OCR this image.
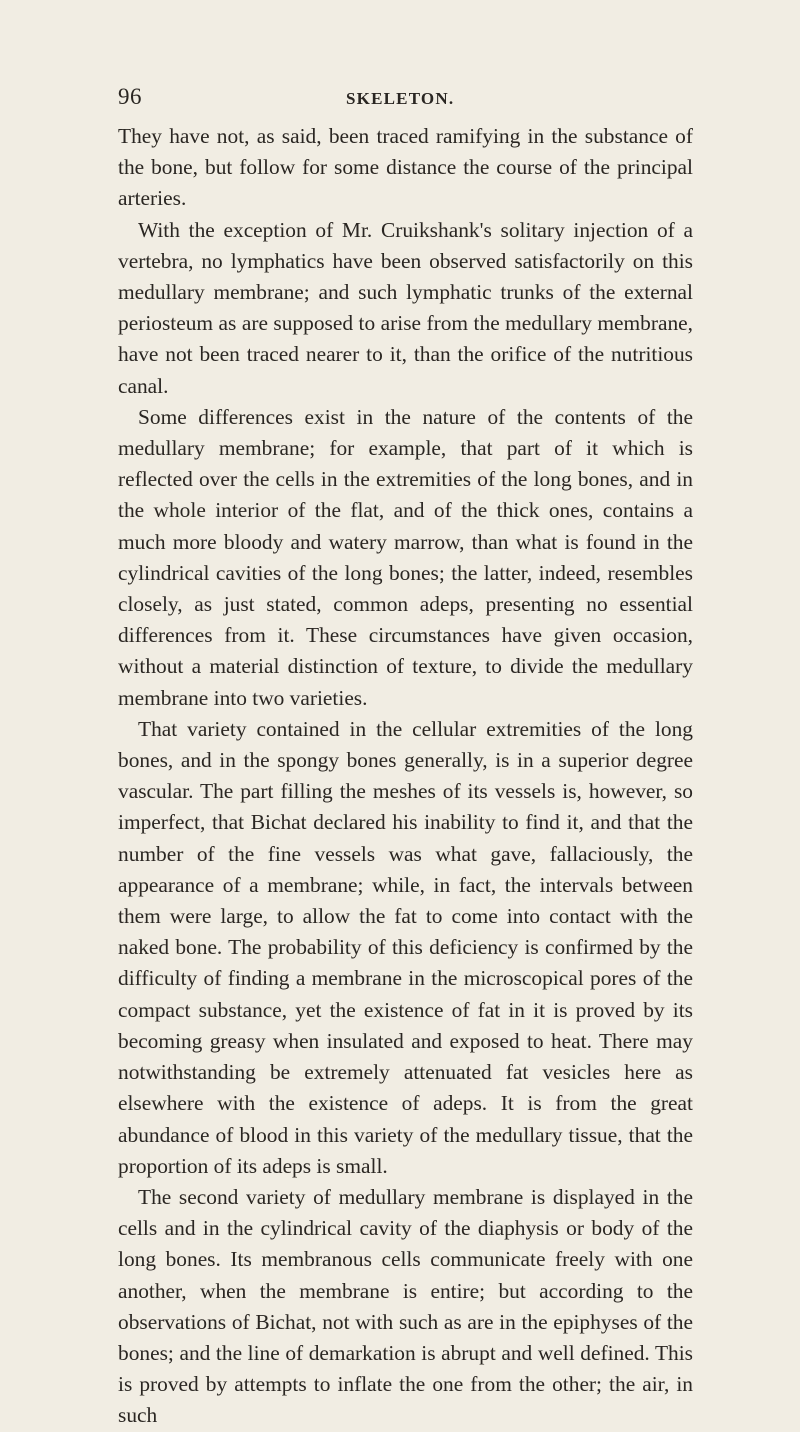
96	SKELETON.

They have not, as said, been traced ramifying in the substance of the bone, but follow for some distance the course of the principal arteries.

With the exception of Mr. Cruikshank's solitary injection of a vertebra, no lymphatics have been observed satisfactorily on this medullary membrane; and such lymphatic trunks of the external periosteum as are supposed to arise from the medullary membrane, have not been traced nearer to it, than the orifice of the nutritious canal.

Some differences exist in the nature of the contents of the medullary membrane; for example, that part of it which is reflected over the cells in the extremities of the long bones, and in the whole interior of the flat, and of the thick ones, contains a much more bloody and watery marrow, than what is found in the cylindrical cavities of the long bones; the latter, indeed, resembles closely, as just stated, common adeps, presenting no essential differences from it. These circumstances have given occasion, without a material distinction of texture, to divide the medullary membrane into two varieties.

That variety contained in the cellular extremities of the long bones, and in the spongy bones generally, is in a superior degree vascular. The part filling the meshes of its vessels is, however, so imperfect, that Bichat declared his inability to find it, and that the number of the fine vessels was what gave, fallaciously, the appearance of a membrane; while, in fact, the intervals between them were large, to allow the fat to come into contact with the naked bone. The probability of this deficiency is confirmed by the difficulty of finding a membrane in the microscopical pores of the compact substance, yet the existence of fat in it is proved by its becoming greasy when insulated and exposed to heat. There may notwithstanding be extremely attenuated fat vesicles here as elsewhere with the existence of adeps. It is from the great abundance of blood in this variety of the medullary tissue, that the proportion of its adeps is small.

The second variety of medullary membrane is displayed in the cells and in the cylindrical cavity of the diaphysis or body of the long bones. Its membranous cells communicate freely with one another, when the membrane is entire; but according to the observations of Bichat, not with such as are in the epiphyses of the bones; and the line of demarkation is abrupt and well defined. This is proved by attempts to inflate the one from the other; the air, in such
